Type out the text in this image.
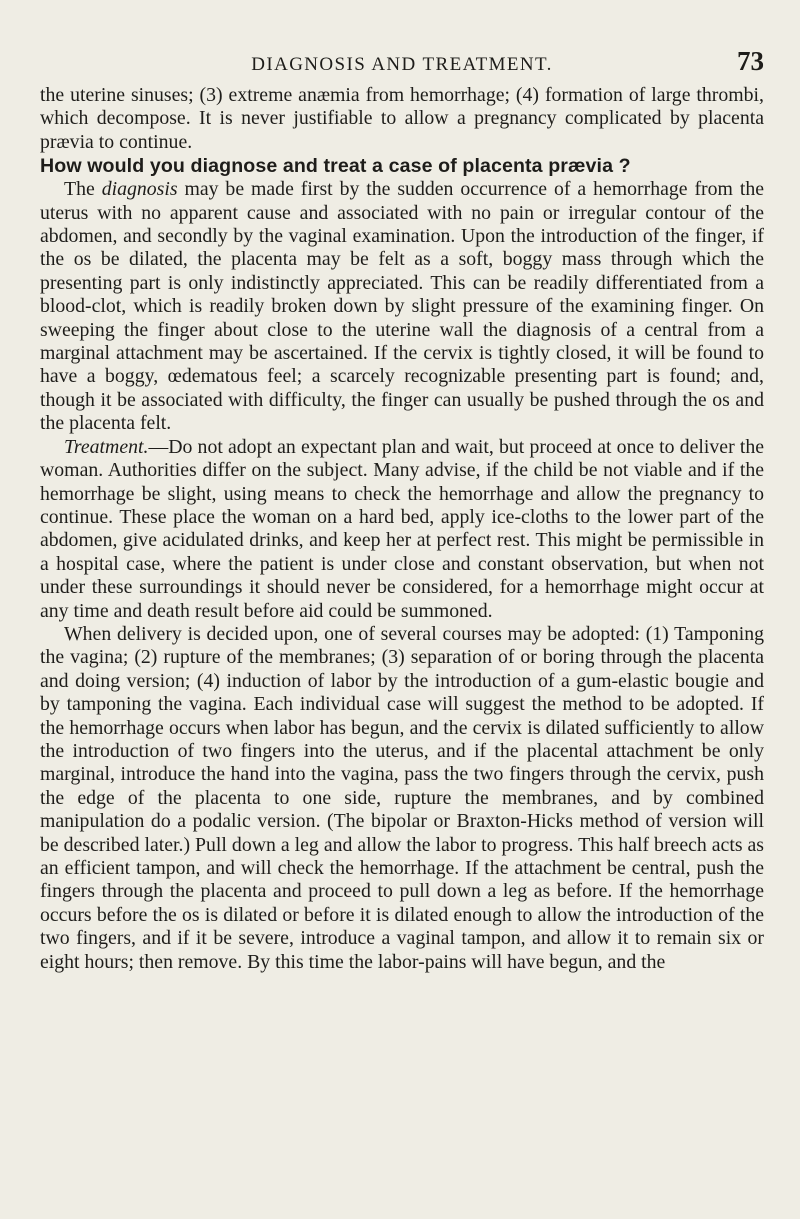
DIAGNOSIS AND TREATMENT.	73

the uterine sinuses; (3) extreme anæmia from hemorrhage; (4) formation of large thrombi, which decompose. It is never justifiable to allow a pregnancy complicated by placenta prævia to continue.

How would you diagnose and treat a case of placenta prævia ?

The diagnosis may be made first by the sudden occurrence of a hemorrhage from the uterus with no apparent cause and associated with no pain or irregular contour of the abdomen, and secondly by the vaginal examination. Upon the introduction of the finger, if the os be dilated, the placenta may be felt as a soft, boggy mass through which the presenting part is only indistinctly appreciated. This can be readily differentiated from a blood-clot, which is readily broken down by slight pressure of the examining finger. On sweeping the finger about close to the uterine wall the diagnosis of a central from a marginal attachment may be ascertained. If the cervix is tightly closed, it will be found to have a boggy, œdematous feel; a scarcely recognizable presenting part is found; and, though it be associated with difficulty, the finger can usually be pushed through the os and the placenta felt.

Treatment.—Do not adopt an expectant plan and wait, but proceed at once to deliver the woman. Authorities differ on the subject. Many advise, if the child be not viable and if the hemorrhage be slight, using means to check the hemorrhage and allow the pregnancy to continue. These place the woman on a hard bed, apply ice-cloths to the lower part of the abdomen, give acidulated drinks, and keep her at perfect rest. This might be permissible in a hospital case, where the patient is under close and constant observation, but when not under these surroundings it should never be considered, for a hemorrhage might occur at any time and death result before aid could be summoned.

When delivery is decided upon, one of several courses may be adopted: (1) Tamponing the vagina; (2) rupture of the membranes; (3) separation of or boring through the placenta and doing version; (4) induction of labor by the introduction of a gum-elastic bougie and by tamponing the vagina. Each individual case will suggest the method to be adopted. If the hemorrhage occurs when labor has begun, and the cervix is dilated sufficiently to allow the introduction of two fingers into the uterus, and if the placental attachment be only marginal, introduce the hand into the vagina, pass the two fingers through the cervix, push the edge of the placenta to one side, rupture the membranes, and by combined manipulation do a podalic version. (The bipolar or Braxton-Hicks method of version will be described later.) Pull down a leg and allow the labor to progress. This half breech acts as an efficient tampon, and will check the hemorrhage. If the attachment be central, push the fingers through the placenta and proceed to pull down a leg as before. If the hemorrhage occurs before the os is dilated or before it is dilated enough to allow the introduction of the two fingers, and if it be severe, introduce a vaginal tampon, and allow it to remain six or eight hours; then remove. By this time the labor-pains will have begun, and the
